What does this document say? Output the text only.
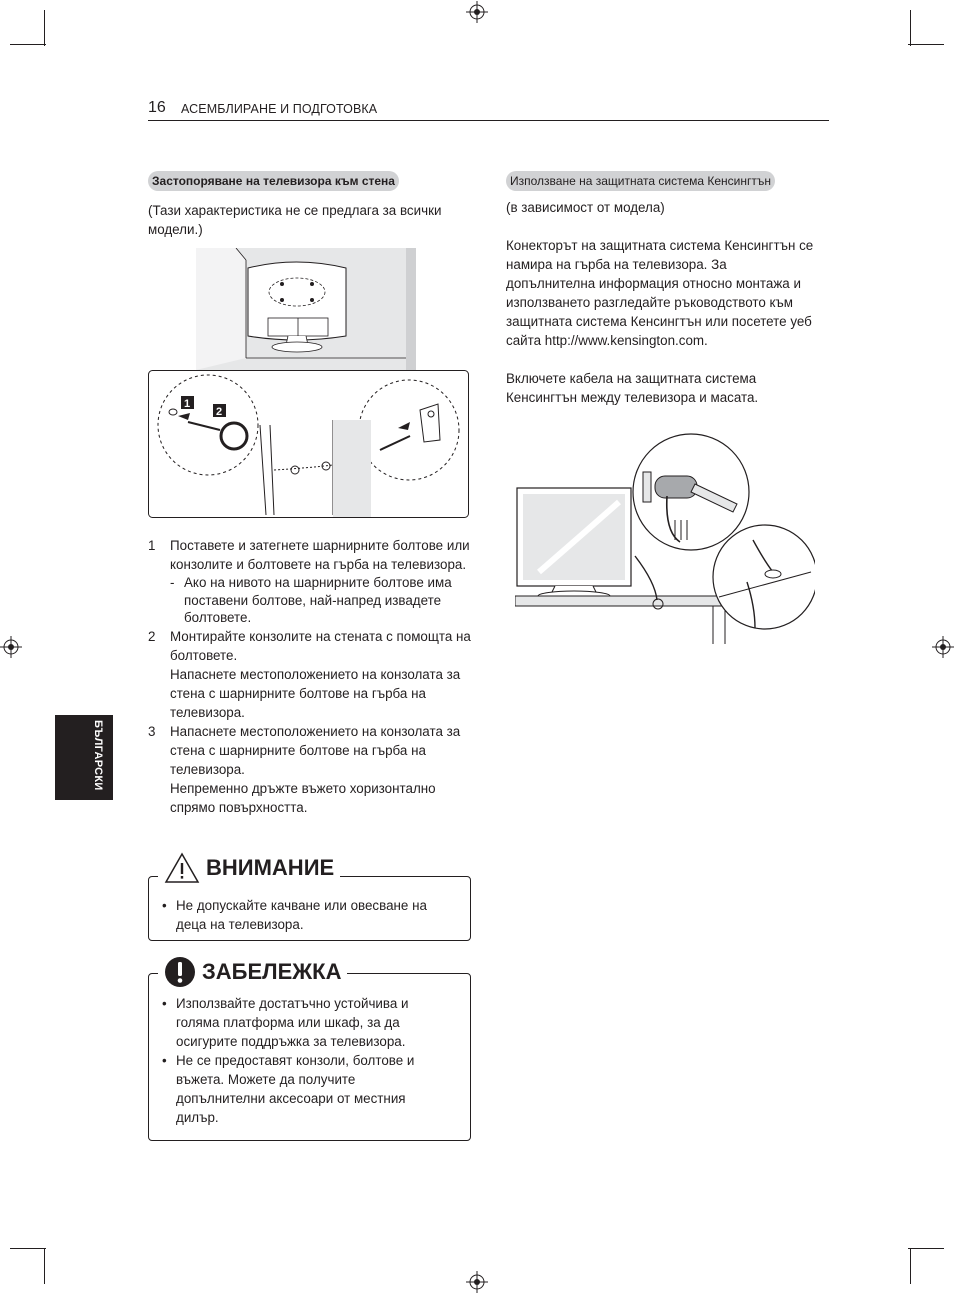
16 АСЕМБЛИРАНЕ И ПОДГОТОВКА
Застопоряване на телевизора към стена
(Тази характеристика не се предлага за всички модели.)
1
2
1	Поставете и затегнете шарнирните болтове или конзолите и болтовете на гърба на телевизора.
- Ако на нивото на шарнирните болтове има поставени болтове, най-напред извадете болтовете.
2	Монтирайте конзолите на стената с помощта на болтовете.
Напаснете местоположението на конзолата за стена с шарнирните болтове на гърба на телевизора.
3	Напаснете местоположението на конзолата за стена с шарнирните болтове на гърба на телевизора.
Непременно дръжте въжето хоризонтално спрямо повърхността.
ВНИМАНИЕ
• Не допускайте качване или овесване на деца на телевизора.
ЗАБЕЛЕЖКА
• Използвайте достатъчно устойчива и голяма платформа или шкаф, за да осигурите поддръжка за телевизора.
• Не се предоставят конзоли, болтове и въжета. Можете да получите допълнителни аксесоари от местния дилър.
БЪЛГАРСКИ
Използване на защитната система Кенсингтън
(в зависимост от модела)
Конекторът на защитната система Кенсингтън се намира на гърба на телевизора. За допълнителна информация относно монтажа и използването разгледайте ръководството към защитната система Кенсингтън или посетете уеб сайта http://www.kensington.com.
Включете кабела на защитната система Кенсингтън между телевизора и масата.
